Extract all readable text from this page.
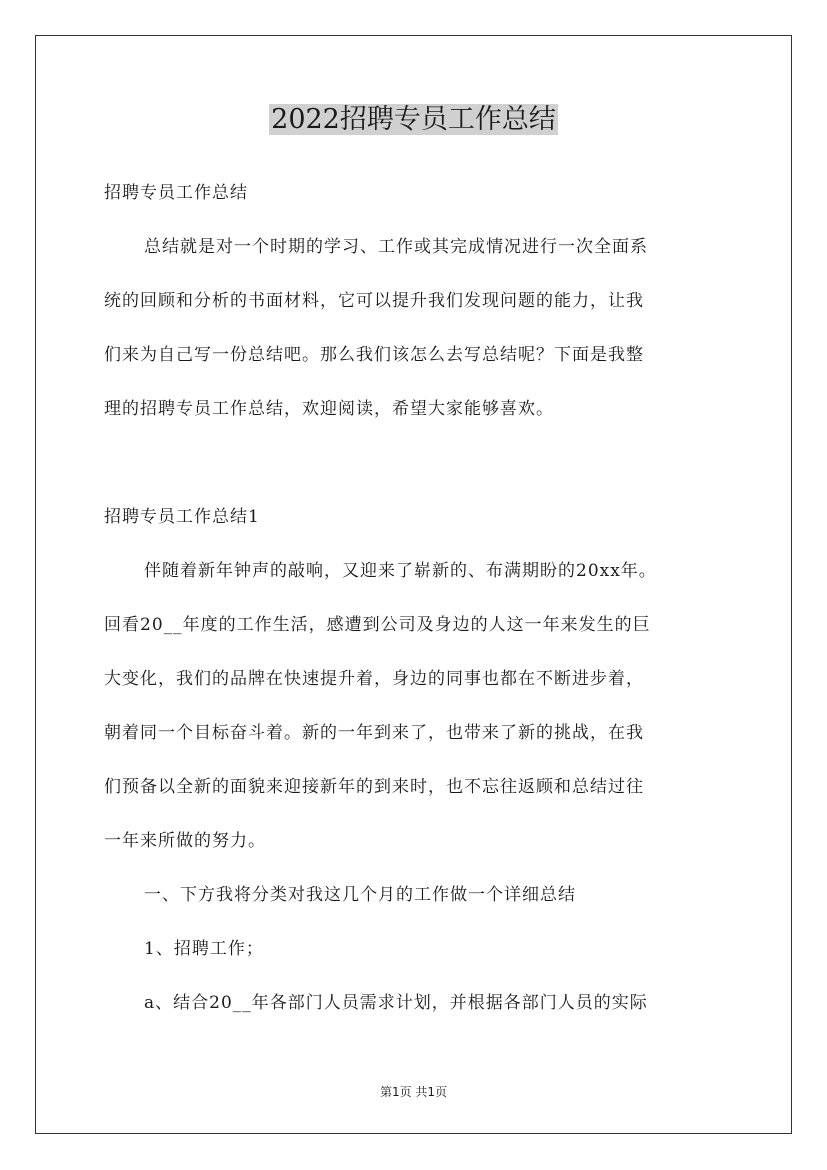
2022招聘专员工作总结
招聘专员工作总结
总结就是对一个时期的学习、工作或其完成情况进行一次全面系
统的回顾和分析的书面材料，它可以提升我们发现问题的能力，让我
们来为自己写一份总结吧。那么我们该怎么去写总结呢？下面是我整
理的招聘专员工作总结，欢迎阅读，希望大家能够喜欢。
招聘专员工作总结1
伴随着新年钟声的敲响，又迎来了崭新的、布满期盼的20xx年。
回看20__年度的工作生活，感遭到公司及身边的人这一年来发生的巨
大变化，我们的品牌在快速提升着，身边的同事也都在不断进步着，
朝着同一个目标奋斗着。新的一年到来了，也带来了新的挑战，在我
们预备以全新的面貌来迎接新年的到来时，也不忘往返顾和总结过往
一年来所做的努力。
一、下方我将分类对我这几个月的工作做一个详细总结
1、招聘工作；
a、结合20__年各部门人员需求计划，并根据各部门人员的实际
第1页 共1页
